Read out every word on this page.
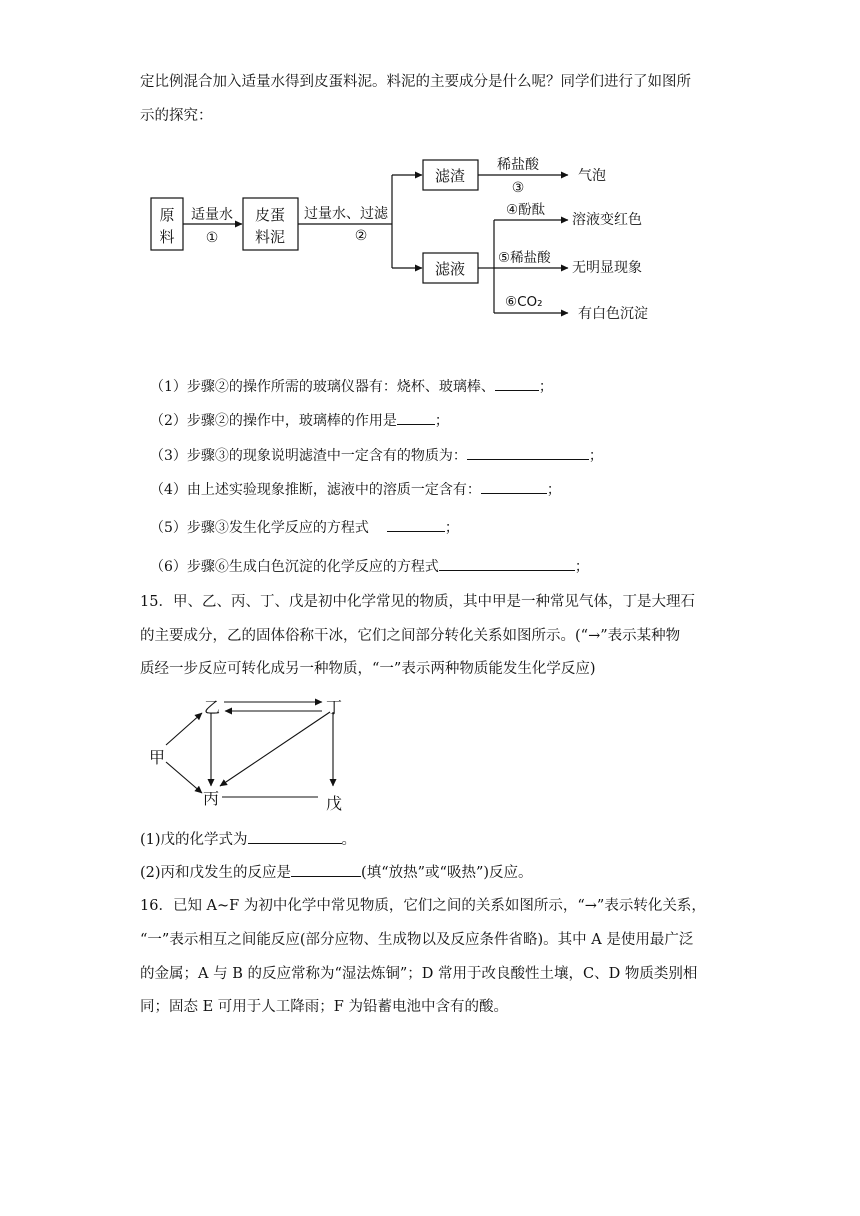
定比例混合加入适量水得到皮蛋料泥。料泥的主要成分是什么呢？同学们进行了如图所
示的探究：
原
料
适量水
①
皮蛋
料泥
过量水、过滤
②
滤渣
滤液
稀盐酸
③
气泡
④酚酞
溶液变红色
⑤稀盐酸
无明显现象
⑥CO₂
有白色沉淀
（1）步骤②的操作所需的玻璃仪器有：烧杯、玻璃棒、	；
（2）步骤②的操作中，玻璃棒的作用是	；
（3）步骤③的现象说明滤渣中一定含有的物质为：	；
（4）由上述实验现象推断，滤液中的溶质一定含有：	；
（5）步骤③发生化学反应的方程式	；
（6）步骤⑥生成白色沉淀的化学反应的方程式	；
15．甲、乙、丙、丁、戊是初中化学常见的物质，其中甲是一种常见气体，丁是大理石
的主要成分，乙的固体俗称干冰，它们之间部分转化关系如图所示。(“→”表示某种物
质经一步反应可转化成另一种物质，“一”表示两种物质能发生化学反应)
乙	丁
甲
丙	戊
(1)戊的化学式为	。
(2)丙和戊发生的反应是	(填“放热”或“吸热”)反应。
16．已知 A~F 为初中化学中常见物质，它们之间的关系如图所示，“→”表示转化关系，
“一”表示相互之间能反应(部分应物、生成物以及反应条件省略)。其中 A 是使用最广泛
的金属；A 与 B 的反应常称为“湿法炼铜”；D 常用于改良酸性土壤，C、D 物质类别相
同；固态 E 可用于人工降雨；F 为铅蓄电池中含有的酸。
